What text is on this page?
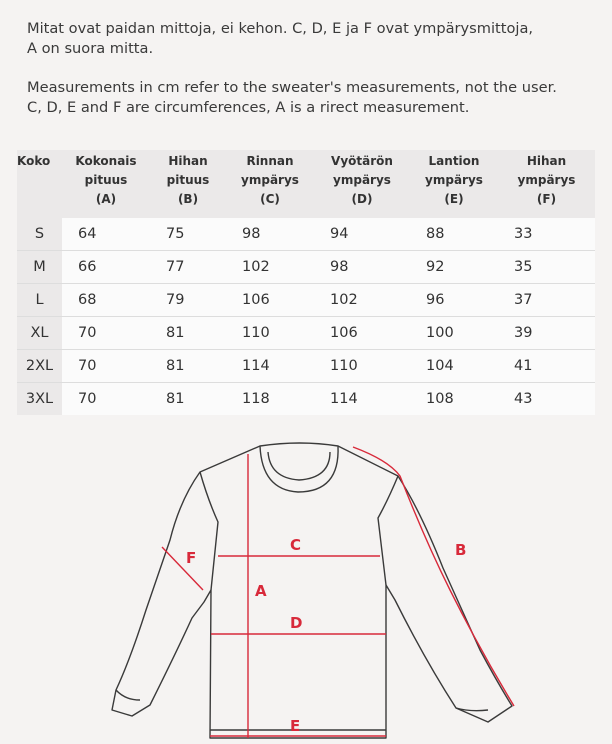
Mitat ovat paidan mittoja, ei kehon. C, D, E ja F ovat ympärysmittoja,
A on suora mitta.

Measurements in cm refer to the sweater's measurements, not the user.
C, D, E and F are circumferences, A is a rirect measurement.

Koko	Kokonais
pituus
(A)	Hihan
pituus
(B)	Rinnan
ympärys
(C)	Vyötärön
ympärys
(D)	Lantion
ympärys
(E)	Hihan
ympärys
(F)

S	64	75	98	94	88	33
M	66	77	102	98	92	35
L	68	79	106	102	96	37
XL	70	81	110	106	100	39
2XL	70	81	114	110	104	41
3XL	70	81	118	114	108	43
A
B
C
D
E
F
